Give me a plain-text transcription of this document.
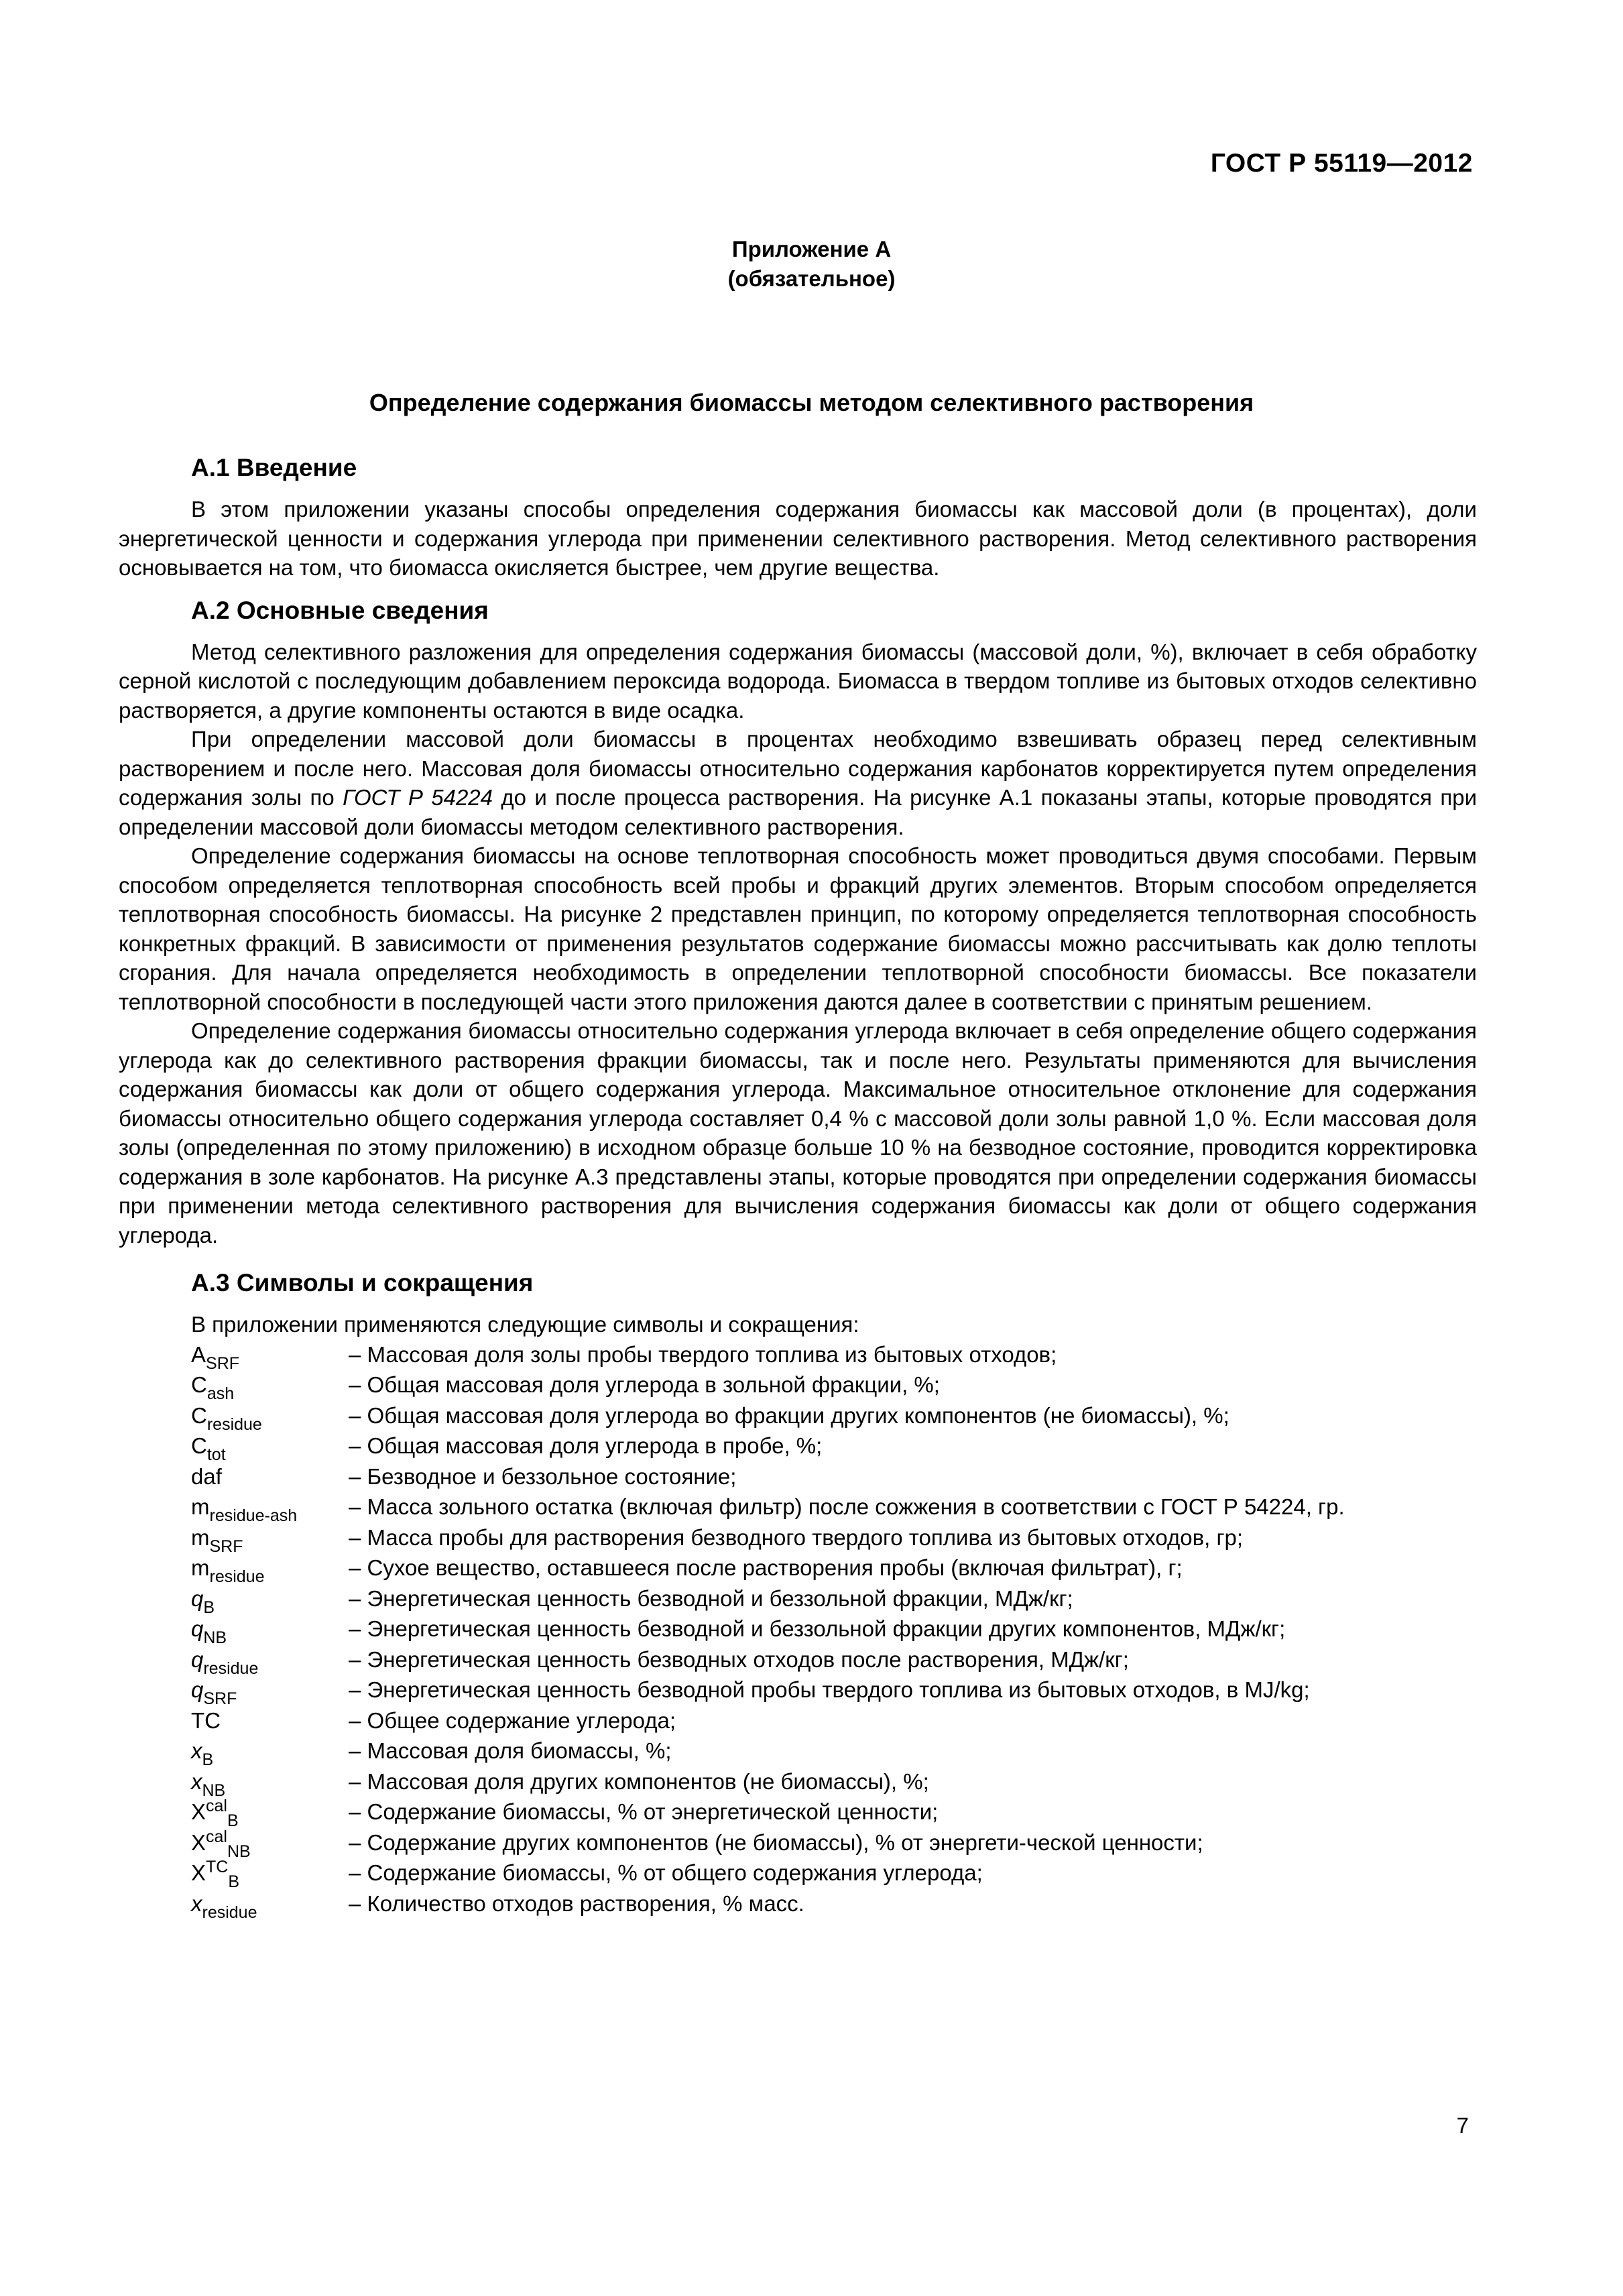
ГОСТ Р 55119—2012
Приложение А
(обязательное)
Определение содержания биомассы методом селективного растворения
А.1 Введение

В этом приложении указаны способы определения содержания биомассы как массовой доли (в процентах), доли энергетической ценности и содержания углерода при применении селективного растворения. Метод селективного растворения основывается на том, что биомасса окисляется быстрее, чем другие вещества.

А.2 Основные сведения

Метод селективного разложения для определения содержания биомассы (массовой доли, %), включает в себя обработку серной кислотой с последующим добавлением пероксида водорода. Биомасса в твердом топливе из бытовых отходов селективно растворяется, а другие компоненты остаются в виде осадка.

При определении массовой доли биомассы в процентах необходимо взвешивать образец перед селективным растворением и после него. Массовая доля биомассы относительно содержания карбонатов корректируется путем определения содержания золы по ГОСТ Р 54224 до и после процесса растворения. На рисунке А.1 показаны этапы, которые проводятся при определении массовой доли биомассы методом селективного растворения.

Определение содержания биомассы на основе теплотворная способность может проводиться двумя способами. Первым способом определяется теплотворная способность всей пробы и фракций других элементов. Вторым способом определяется теплотворная способность биомассы. На рисунке 2 представлен принцип, по которому определяется теплотворная способность конкретных фракций. В зависимости от применения результатов содержание биомассы можно рассчитывать как долю теплоты сгорания. Для начала определяется необходимость в определении теплотворной способности биомассы. Все показатели теплотворной способности в последующей части этого приложения даются далее в соответствии с принятым решением.

Определение содержания биомассы относительно содержания углерода включает в себя определение общего содержания углерода как до селективного растворения фракции биомассы, так и после него. Результаты применяются для вычисления содержания биомассы как доли от общего содержания углерода. Максимальное относительное отклонение для содержания биомассы относительно общего содержания углерода составляет 0,4 % с массовой доли золы равной 1,0 %. Если массовая доля золы (определенная по этому приложению) в исходном образце больше 10 % на безводное состояние, проводится корректировка содержания в золе карбонатов. На рисунке А.3 представлены этапы, которые проводятся при определении содержания биомассы при применении метода селективного растворения для вычисления содержания биомассы как доли от общего содержания углерода.

А.3 Символы и сокращения
В приложении применяются следующие символы и сокращения:
$A_{SRF}$	– Массовая доля золы пробы твердого топлива из бытовых отходов;
$C_{ash}$	– Общая массовая доля углерода в зольной фракции, %;
$C_{residue}$	– Общая массовая доля углерода во фракции других компонентов (не биомассы), %;
$C_{tot}$	– Общая массовая доля углерода в пробе, %;
daf	– Безводное и беззольное состояние;
$m_{residue-ash}$	– Масса зольного остатка (включая фильтр) после сожжения в соответствии с ГОСТ Р 54224, гр.
$m_{SRF}$	– Масса пробы для растворения безводного твердого топлива из бытовых отходов, гр;
$m_{residue}$	– Сухое вещество, оставшееся после растворения пробы (включая фильтрат), г;
$q_B$	– Энергетическая ценность безводной и беззольной фракции, МДж/кг;
$q_{NB}$	– Энергетическая ценность безводной и беззольной фракции других компонентов, МДж/кг;
$q_{residue}$	– Энергетическая ценность безводных отходов после растворения, МДж/кг;
$q_{SRF}$	– Энергетическая ценность безводной пробы твердого топлива из бытовых отходов, в MJ/kg;
TC	– Общее содержание углерода;
$x_B$	– Массовая доля биомассы, %;
$x_{NB}$	– Массовая доля других компонентов (не биомассы), %;
$X^{cal}_B$	– Содержание биомассы, % от энергетической ценности;
$X^{cal}_{NB}$	– Содержание других компонентов (не биомассы), % от энергети-ческой ценности;
$X^{TC}_B$	– Содержание биомассы, % от общего содержания углерода;
$x_{residue}$	– Количество отходов растворения, % масс.
7
